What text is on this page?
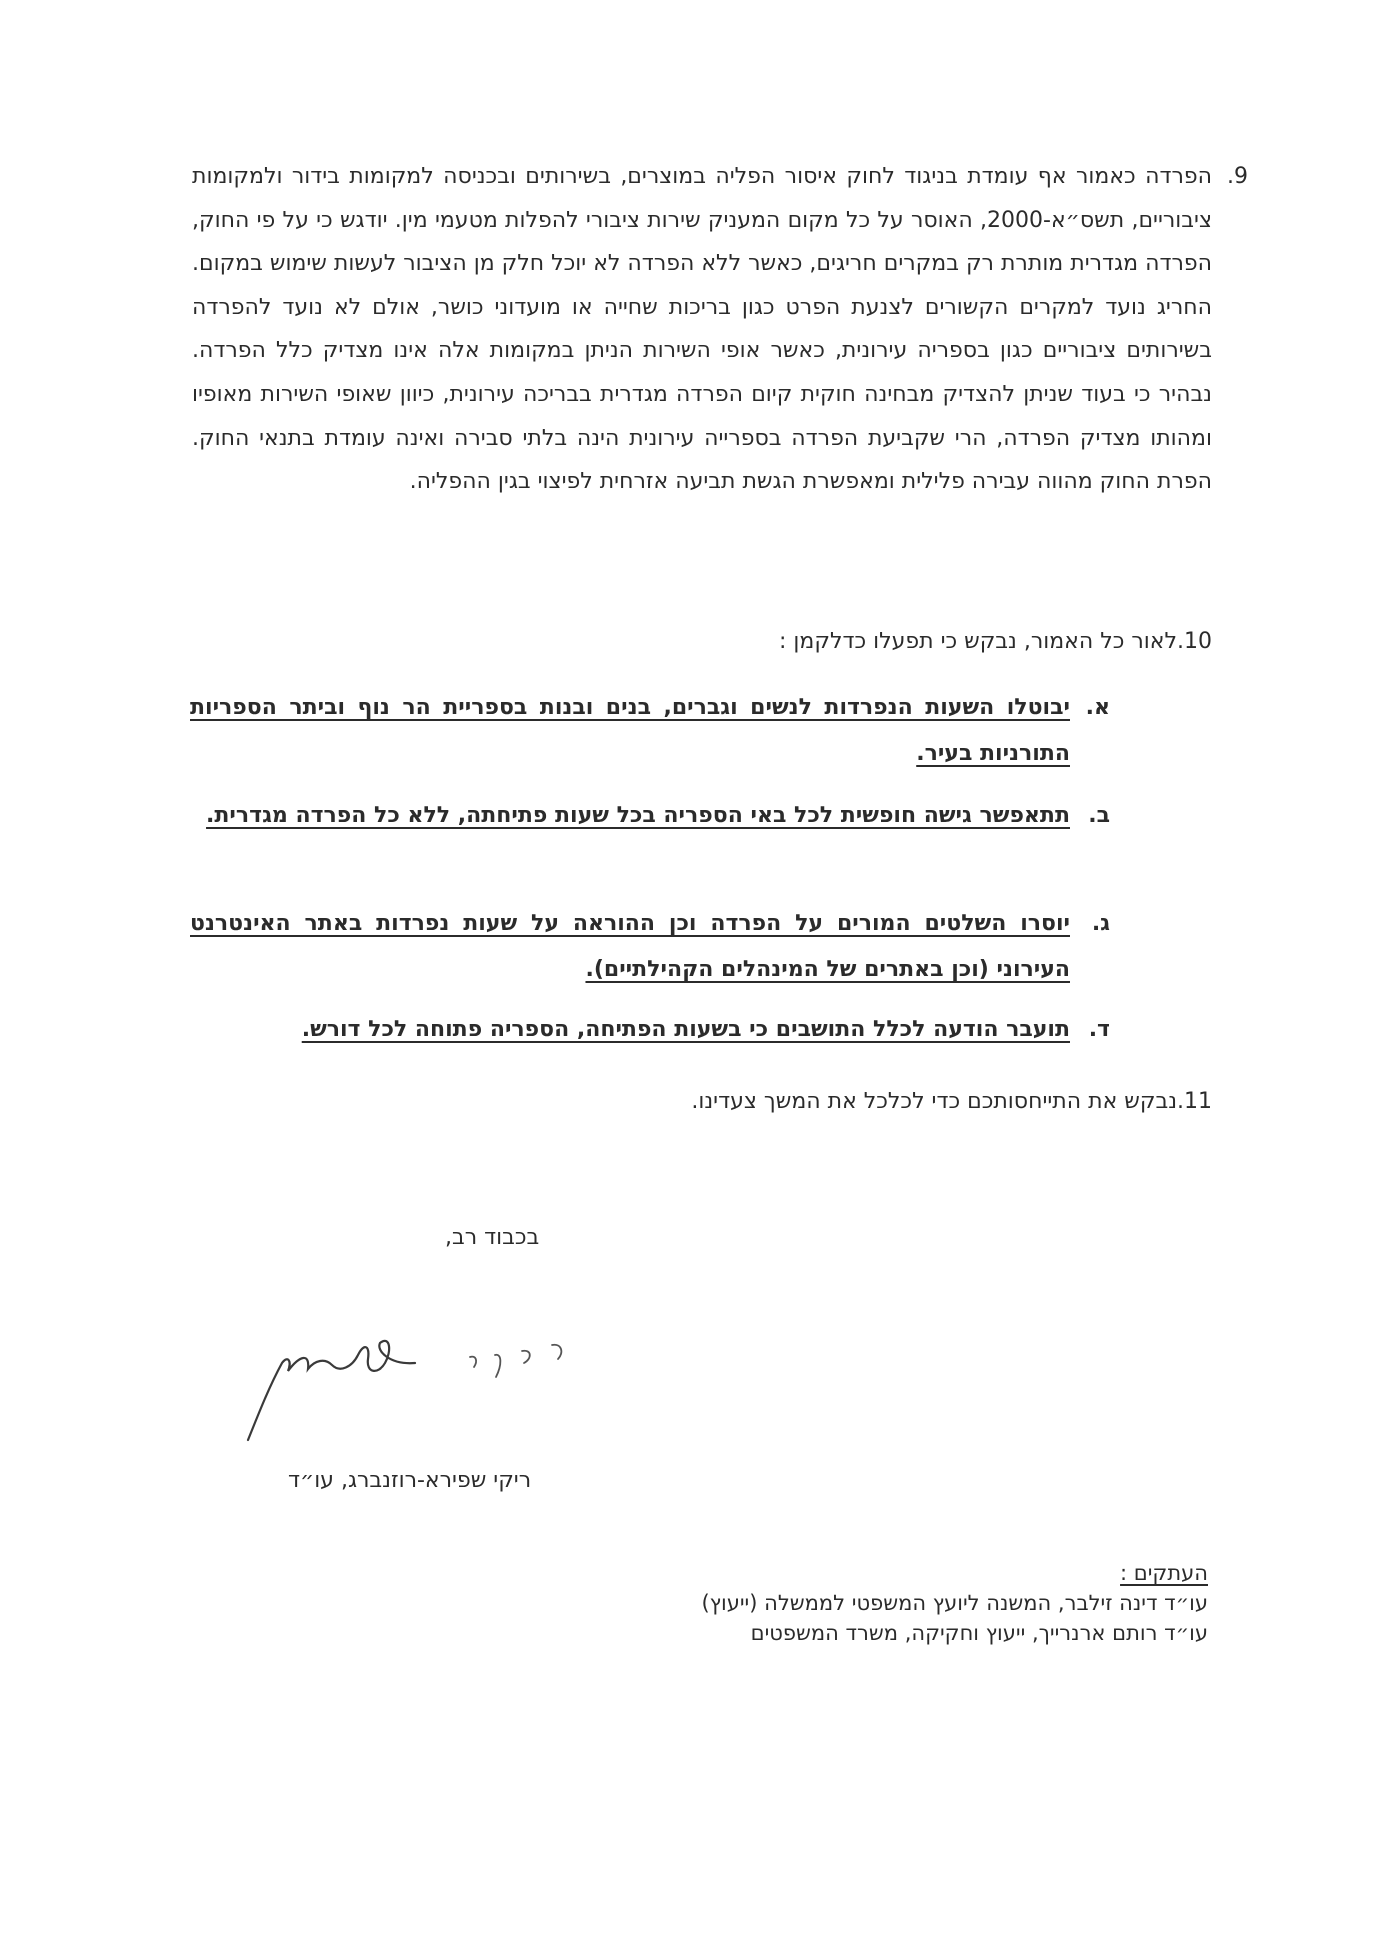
9.
הפרדה כאמור אף עומדת בניגוד לחוק איסור הפליה במוצרים, בשירותים ובכניסה למקומות בידור ולמקומות ציבוריים, תשס״א-2000, האוסר על כל מקום המעניק שירות ציבורי להפלות מטעמי מין. יודגש כי על פי החוק, הפרדה מגדרית מותרת רק במקרים חריגים, כאשר ללא הפרדה לא יוכל חלק מן הציבור לעשות שימוש במקום. החריג נועד למקרים הקשורים לצנעת הפרט כגון בריכות שחייה או מועדוני כושר, אולם לא נועד להפרדה בשירותים ציבוריים כגון בספריה עירונית, כאשר אופי השירות הניתן במקומות אלה אינו מצדיק כלל הפרדה. נבהיר כי בעוד שניתן להצדיק מבחינה חוקית קיום הפרדה מגדרית בבריכה עירונית, כיוון שאופי השירות מאופיו ומהותו מצדיק הפרדה, הרי שקביעת הפרדה בספרייה עירונית הינה בלתי סבירה ואינה עומדת בתנאי החוק. הפרת החוק מהווה עבירה פלילית ומאפשרת הגשת תביעה אזרחית לפיצוי בגין ההפליה.
10.לאור כל האמור, נבקש כי תפעלו כדלקמן :
א.
יבוטלו השעות הנפרדות לנשים וגברים, בנים ובנות בספריית הר נוף וביתר הספריות התורניות בעיר.
ב.
תתאפשר גישה חופשית לכל באי הספריה בכל שעות פתיחתה, ללא כל הפרדה מגדרית.
ג.
יוסרו השלטים המורים על הפרדה וכן ההוראה על שעות נפרדות באתר האינטרנט העירוני (וכן באתרים של המינהלים הקהילתיים).
ד.
תועבר הודעה לכלל התושבים כי בשעות הפתיחה, הספריה פתוחה לכל דורש.
11.נבקש את התייחסותכם כדי לכלכל את המשך צעדינו.
בכבוד רב,
ריקי שפירא-רוזנברג, עו״ד
העתקים :
עו״ד דינה זילבר, המשנה ליועץ המשפטי לממשלה (ייעוץ)
עו״ד רותם ארנרייך, ייעוץ וחקיקה, משרד המשפטים
